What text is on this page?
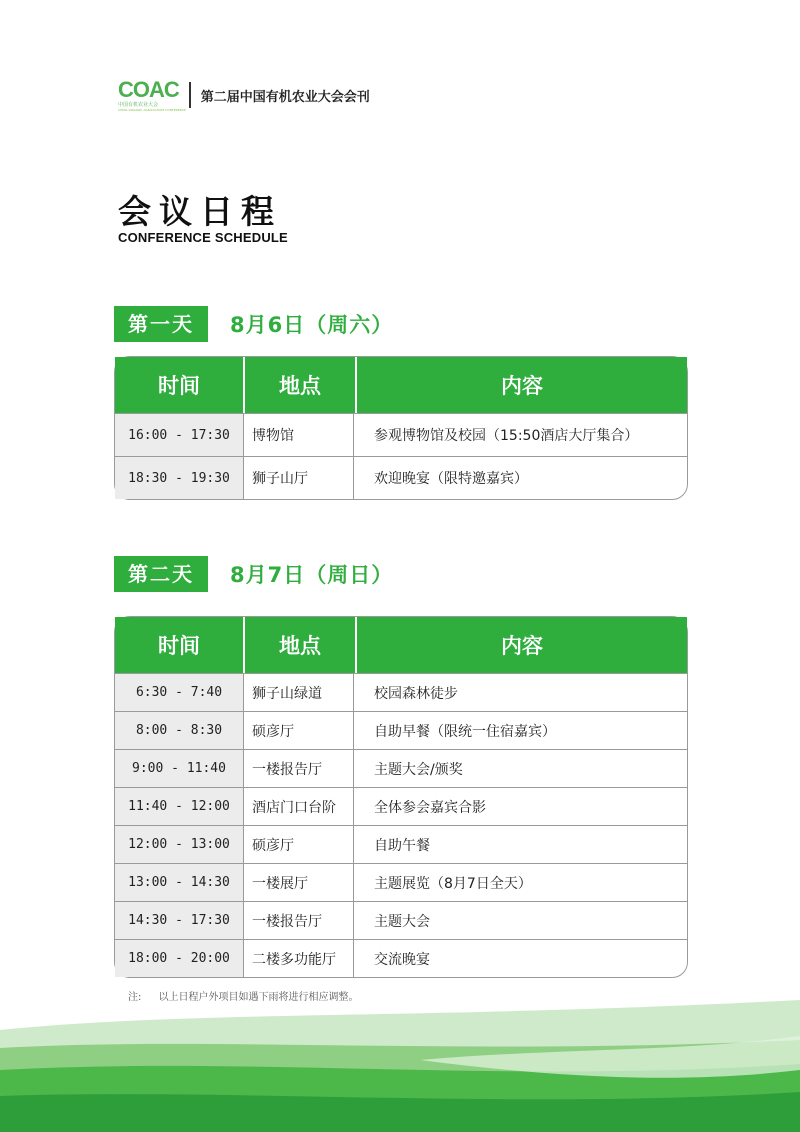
COAC
中国有机农业大会
CHINA ORGANIC AGRICULTURE CONFERENCE
第二届中国有机农业大会会刊
会议日程
CONFERENCE SCHEDULE
第一天	8月6日（周六）
时间	地点	内容
16:00 - 17:30	博物馆	参观博物馆及校园（15:50酒店大厅集合）
18:30 - 19:30	狮子山厅	欢迎晚宴（限特邀嘉宾）
第二天	8月7日（周日）
时间	地点	内容
6:30 - 7:40	狮子山绿道	校园森林徒步
8:00 - 8:30	硕彦厅	自助早餐（限统一住宿嘉宾）
9:00 - 11:40	一楼报告厅	主题大会/颁奖
11:40 - 12:00	酒店门口台阶	全体参会嘉宾合影
12:00 - 13:00	硕彦厅	自助午餐
13:00 - 14:30	一楼展厅	主题展览（8月7日全天）
14:30 - 17:30	一楼报告厅	主题大会
18:00 - 20:00	二楼多功能厅	交流晚宴
注: 以上日程户外项目如遇下雨将进行相应调整。
